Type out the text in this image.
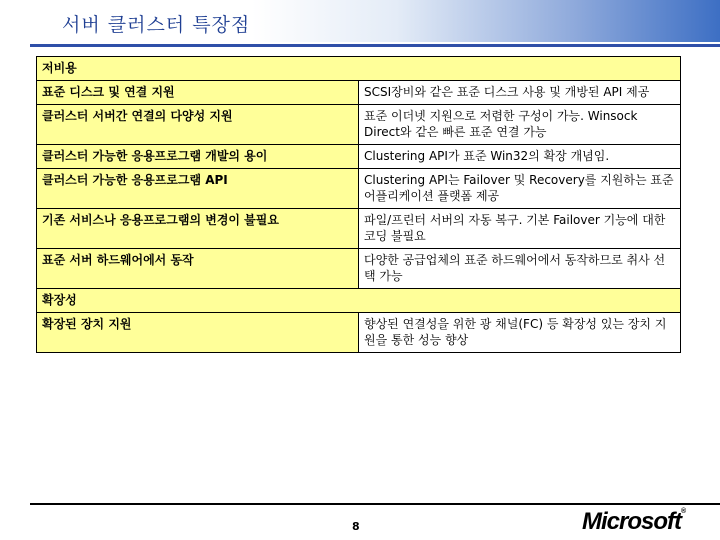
서버 클러스터 특장점
저비용	
표준 디스크 및 연결 지원	SCSI장비와 같은 표준 디스크 사용 및 개방된 API 제공
클러스터 서버간 연결의 다양성 지원	표준 이더넷 지원으로 저렴한 구성이 가능. Winsock Direct와 같은 빠른 표준 연결 가능
클러스터 가능한 응용프로그램 개발의 용이	Clustering API가 표준 Win32의 확장 개념임.
클러스터 가능한 응용프로그램 API	Clustering API는 Failover 및 Recovery를 지원하는 표준 어플리케이션 플랫폼 제공
기존 서비스나 응용프로그램의 변경이 불필요	파일/프린터 서버의 자동 복구. 기본 Failover 기능에 대한 코딩 불필요
표준 서버 하드웨어에서 동작	다양한 공급업체의 표준 하드웨어에서 동작하므로 취사 선택 가능
확장성	
확장된 장치 지원	향상된 연결성을 위한 광 채널(FC) 등 확장성 있는 장치 지원을 통한 성능 향상
8	Microsoft®
